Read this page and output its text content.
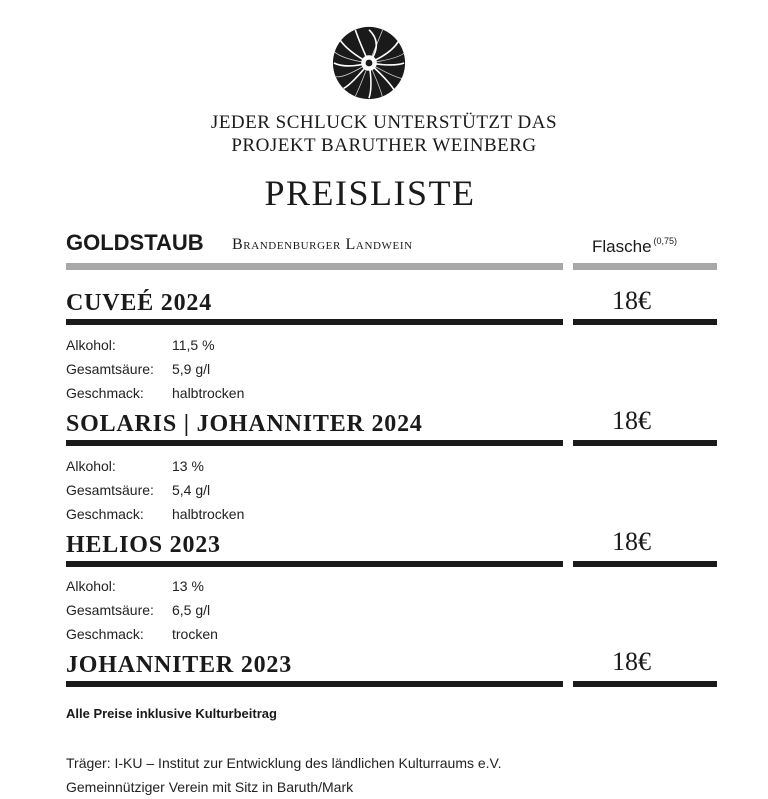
JEDER SCHLUCK UNTERSTÜTZT DAS
PROJEKT BARUTHER WEINBERG
PREISLISTE
GOLDSTAUB Brandenburger Landwein	Flasche $^{(0,75)}$
CUVEÉ 2024	18€
Alkohol:	11,5 %
Gesamtsäure: 5,9 g/l
Geschmack: halbtrocken
SOLARIS | JOHANNITER 2024	18€
Alkohol:	13 %
Gesamtsäure: 5,4 g/l
Geschmack: halbtrocken
HELIOS 2023	18€
Alkohol:	13 %
Gesamtsäure: 6,5 g/l
Geschmack: trocken
JOHANNITER 2023	18€
Alle Preise inklusive Kulturbeitrag
Träger: I-KU – Institut zur Entwicklung des ländlichen Kulturraums e.V.
Gemeinnütziger Verein mit Sitz in Baruth/Mark
